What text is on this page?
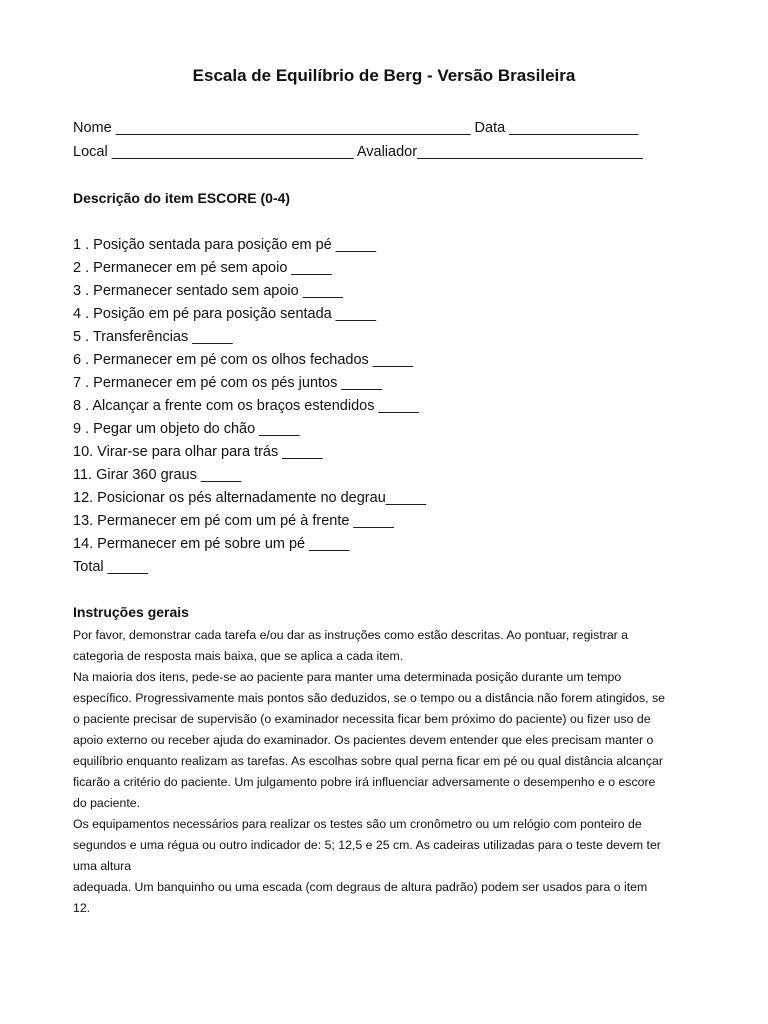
Escala de Equilíbrio de Berg - Versão Brasileira
Nome ____________________________________________ Data ________________
Local ______________________________ Avaliador____________________________
Descrição do item ESCORE (0-4)
1 . Posição sentada para posição em pé _____
2 . Permanecer em pé sem apoio _____
3 . Permanecer sentado sem apoio _____
4 . Posição em pé para posição sentada _____
5 . Transferências _____
6 . Permanecer em pé com os olhos fechados _____
7 . Permanecer em pé com os pés juntos _____
8 . Alcançar a frente com os braços estendidos _____
9 . Pegar um objeto do chão _____
10. Virar-se para olhar para trás _____
11. Girar 360 graus _____
12. Posicionar os pés alternadamente no degrau_____
13. Permanecer em pé com um pé à frente _____
14. Permanecer em pé sobre um pé _____
Total _____
Instruções gerais
Por favor, demonstrar cada tarefa e/ou dar as instruções como estão descritas. Ao pontuar, registrar a
categoria de resposta mais baixa, que se aplica a cada item.
Na maioria dos itens, pede-se ao paciente para manter uma determinada posição durante um tempo
específico. Progressivamente mais pontos são deduzidos, se o tempo ou a distância não forem atingidos, se
o paciente precisar de supervisão (o examinador necessita ficar bem próximo do paciente) ou fizer uso de
apoio externo ou receber ajuda do examinador. Os pacientes devem entender que eles precisam manter o
equilíbrio enquanto realizam as tarefas. As escolhas sobre qual perna ficar em pé ou qual distância alcançar
ficarão a critério do paciente. Um julgamento pobre irá influenciar adversamente o desempenho e o escore
do paciente.
Os equipamentos necessários para realizar os testes são um cronômetro ou um relógio com ponteiro de
segundos e uma régua ou outro indicador de: 5; 12,5 e 25 cm. As cadeiras utilizadas para o teste devem ter
uma altura
adequada. Um banquinho ou uma escada (com degraus de altura padrão) podem ser usados para o item
12.
